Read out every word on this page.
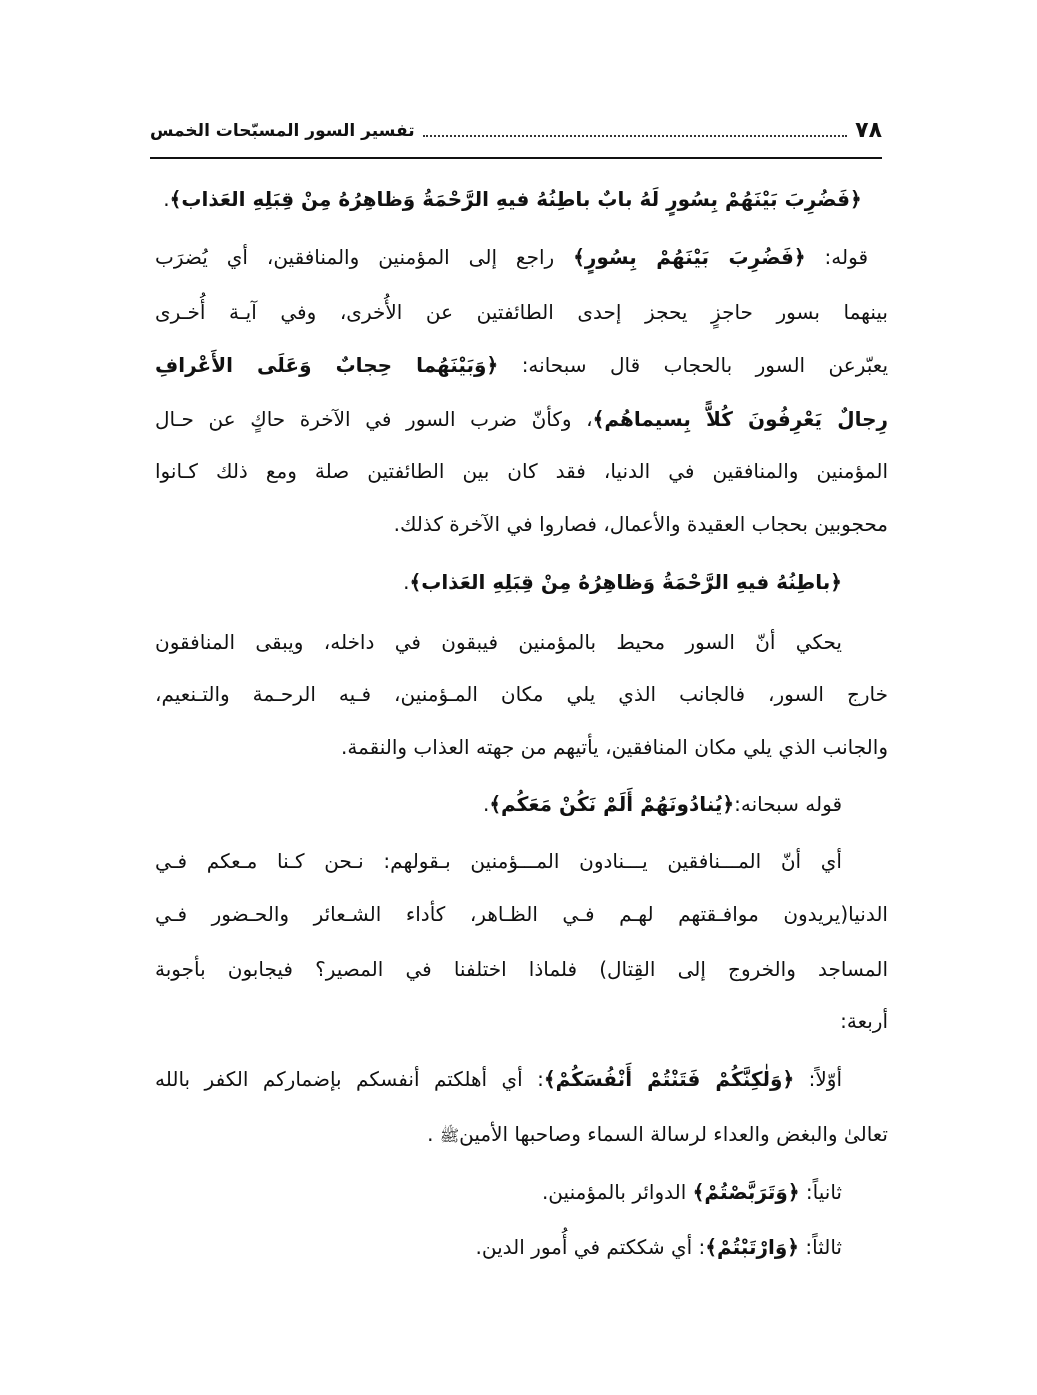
٧٨
تفسير السور المسبّحات الخمس
﴿فَضُرِبَ بَيْنَهُمْ بِسُورٍ لَهُ بابٌ باطِنُهُ فيهِ الرَّحْمَةُ وَظاهِرُهُ مِنْ قِبَلِهِ العَذاب﴾.
قوله: ﴿فَضُرِبَ بَيْنَهُمْ بِسُورٍ﴾ راجع إلى المؤمنين والمنافقين، أي يُضرَب
بينهما بسور حاجزٍ يحجز إحدى الطائفتين عن الأُخرى، وفي آيـة أُخـرى
يعبّرعن السور بالحجاب قال سبحانه: ﴿وَبَيْنَهُما حِجابٌ وَعَلَى الأَعْرافِ
رِجالٌ يَعْرِفُونَ كُلاًّ بِسيماهُم﴾، وكأنّ ضرب السور في الآخرة حاكٍ عن حـال
المؤمنين والمنافقين في الدنيا، فقد كان بين الطائفتين صلة ومع ذلك كـانوا
محجوبين بحجاب العقيدة والأعمال، فصاروا في الآخرة كذلك.
﴿باطِنُهُ فيهِ الرَّحْمَةُ وَظاهِرُهُ مِنْ قِبَلِهِ العَذاب﴾.
يحكي أنّ السور محيط بالمؤمنين فيبقون في داخله، ويبقى المنافقون
خارج السور، فالجانب الذي يلي مكان المـؤمنين، فـيه الرحـمة والتـنعيم،
والجانب الذي يلي مكان المنافقين، يأتيهم من جهته العذاب والنقمة.
قوله سبحانه:﴿يُنادُونَهُمْ أَلَمْ نَكُنْ مَعَكُم﴾.
أي أنّ المـــنافقين يـــنادون المـــؤمنين بـقولهم: نـحن كـنا مـعكم فـي
الدنيا(يريدون موافـقتهم لهـم فـي الظـاهر، كأداء الشـعائر والحـضور فـي
المساجد والخروج إلى القِتال) فلماذا اختلفنا في المصير؟ فيجابون بأجوبة
أربعة:
أوّلاً: ﴿وَلٰكِنَّكُمْ فَتَنْتُمْ أَنْفُسَكُمْ﴾: أي أهلكتم أنفسكم بإضماركم الكفر بالله
تعالىٰ والبغض والعداء لرسالة السماء وصاحبها الأمينﷺ .
ثانياً: ﴿وَتَرَبَّصْتُمْ﴾ الدوائر بالمؤمنين.
ثالثاً: ﴿وَارْتَبْتُمْ﴾: أي شككتم في أُمور الدين.
